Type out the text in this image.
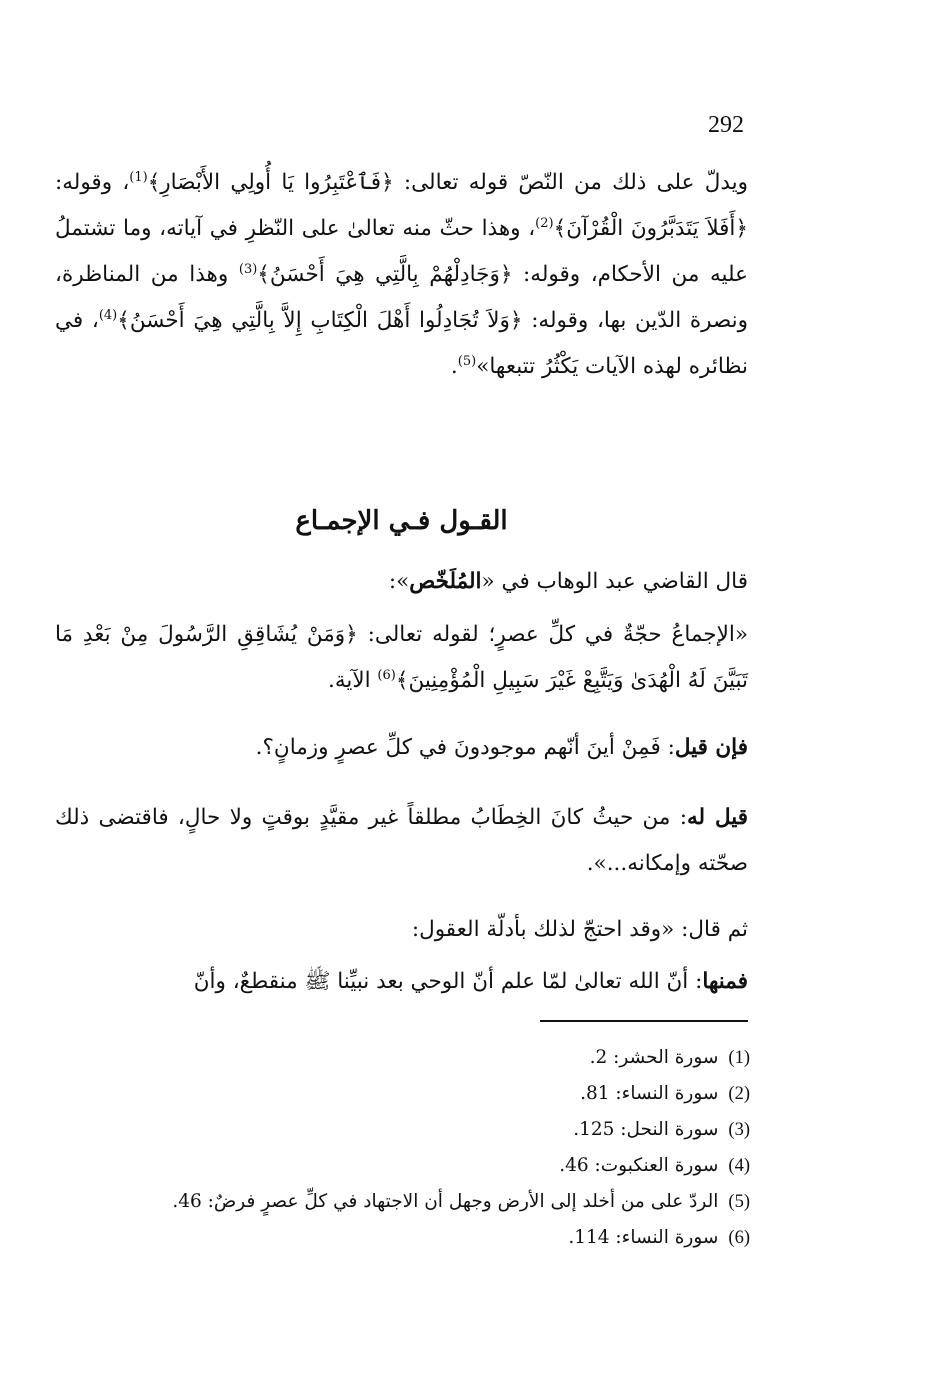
292

ويدلّ على ذلك من النّصّ قوله تعالى: ﴿فَٱعْتَبِرُوا يَا أُولِي الأَبْصَارِ﴾$^{(1)}$، وقوله: ﴿أَفَلاَ يَتَدَبَّرُونَ الْقُرْآنَ﴾$^{(2)}$، وهذا حثّ منه تعالىٰ على النّظرِ في آياته، وما تشتملُ عليه من الأحكام، وقوله: ﴿وَجَادِلْهُمْ بِالَّتِي هِيَ أَحْسَنُ﴾$^{(3)}$ وهذا من المناظرة، ونصرة الدّين بها، وقوله: ﴿وَلاَ تُجَادِلُوا أَهْلَ الْكِتَابِ إِلاَّ بِالَّتِي هِيَ أَحْسَنُ﴾$^{(4)}$، في نظائره لهذه الآيات يَكْثُرُ تتبعها»$^{(5)}$.

القـول فـي الإجمـاع
قال القاضي عبد الوهاب في «المُلَخّص»:

«الإجماعُ حجّةٌ في كلِّ عصرٍ؛ لقوله تعالى: ﴿وَمَنْ يُشَاقِقِ الرَّسُولَ مِنْ بَعْدِ مَا تَبَيَّنَ لَهُ الْهُدَىٰ وَيَتَّبِعْ غَيْرَ سَبِيلِ الْمُؤْمِنِينَ﴾$^{(6)}$ الآية.

فإن قيل: فَمِنْ أينَ أنّهم موجودونَ في كلِّ عصرٍ وزمانٍ؟.

قيل له: من حيثُ كانَ الخِطَابُ مطلقاً غير مقيَّدٍ بوقتٍ ولا حالٍ، فاقتضى ذلك صحّته وإمكانه...».

ثم قال: «وقد احتجّ لذلك بأدلّة العقول:
فمنها: أنّ الله تعالىٰ لمّا علم أنّ الوحي بعد نبيِّنا ﷺ منقطعٌ، وأنّ
(1)سورة الحشر: 2.
(2)سورة النساء: 81.
(3)سورة النحل: 125.
(4)سورة العنكبوت: 46.
(5)الردّ على من أخلد إلى الأرض وجهل أن الاجتهاد في كلِّ عصرٍ فرضٌ: 46.
(6)سورة النساء: 114.
